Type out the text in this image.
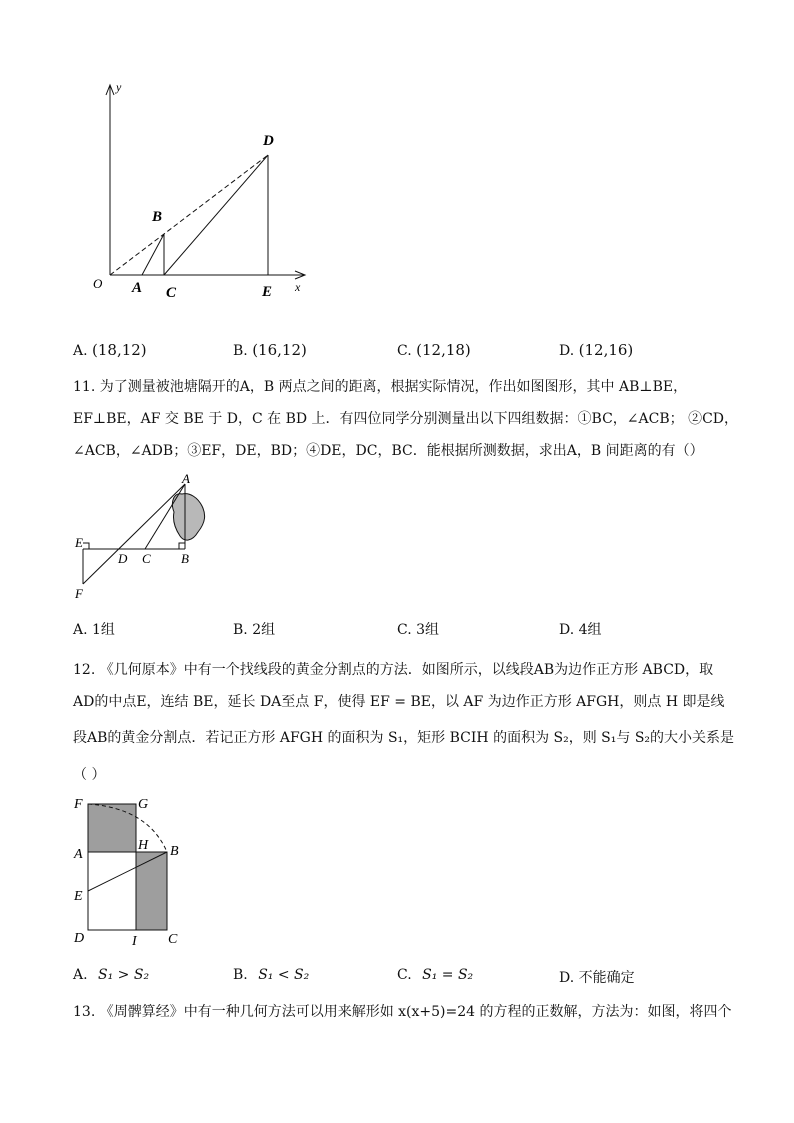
y
x
O A
B
C
D
E
A. (18,12)	B. (16,12)	C. (12,18)	D. (12,16)
11. 为了测量被池塘隔开的A，B 两点之间的距离，根据实际情况，作出如图图形，其中 AB⊥BE，
EF⊥BE，AF 交 BE 于 D，C 在 BD 上．有四位同学分别测量出以下四组数据：①BC，∠ACB； ②CD，
∠ACB，∠ADB；③EF，DE，BD；④DE，DC，BC．能根据所测数据，求出A，B 间距离的有（）
A
E
D C B
F
A. 1组	B. 2组	C. 3组	D. 4组
12. 《几何原本》中有一个找线段的黄金分割点的方法．如图所示，以线段AB为边作正方形 ABCD，取
AD的中点E，连结 BE，延长 DA至点 F，使得 EF = BE，以 AF 为边作正方形 AFGH，则点 H 即是线
段AB的黄金分割点．若记正方形 AFGH 的面积为 S₁，矩形 BCIH 的面积为 S₂，则 S₁与 S₂的大小关系是
（ ）
F	G
A
H B
E
D	I C
A. S₁ > S₂	B. S₁ < S₂	C. S₁ = S₂	D. 不能确定
13. 《周髀算经》中有一种几何方法可以用来解形如 x(x+5)=24 的方程的正数解，方法为：如图，将四个
